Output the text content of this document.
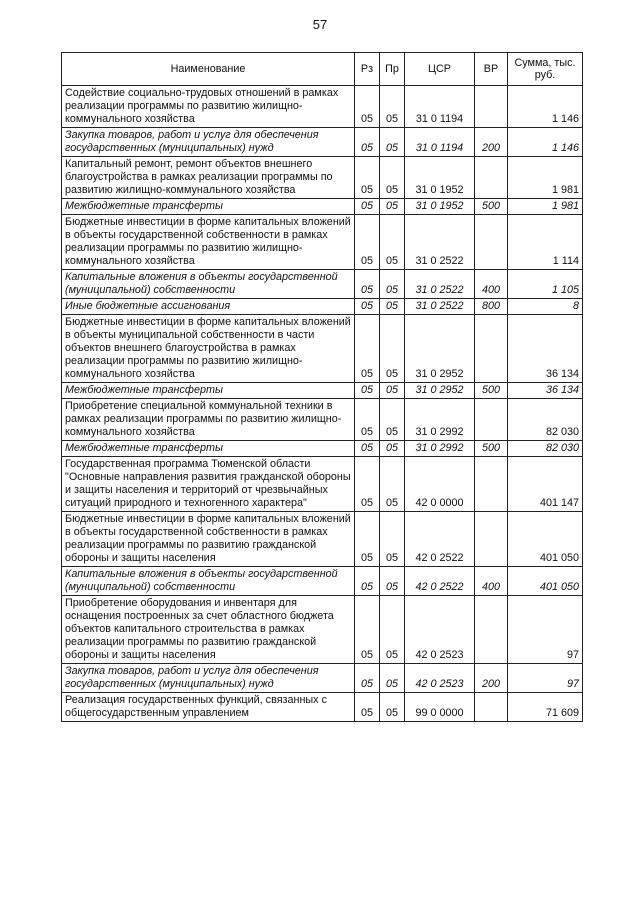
57
Наименование	Рз	Пр	ЦСР	ВР	Сумма, тыс. руб.
Содействие социально-трудовых отношений в рамках реализации программы по развитию жилищно-коммунального хозяйства	05	05	31 0 1194		1 146
Закупка товаров, работ и услуг для обеспечения государственных (муниципальных) нужд	05	05	31 0 1194	200	1 146
Капитальный ремонт, ремонт объектов внешнего благоустройства в рамках реализации программы по развитию жилищно-коммунального хозяйства	05	05	31 0 1952		1 981
Межбюджетные трансферты	05	05	31 0 1952	500	1 981
Бюджетные инвестиции в форме капитальных вложений в объекты государственной собственности в рамках реализации программы по развитию жилищно-коммунального хозяйства	05	05	31 0 2522		1 114
Капитальные вложения в объекты государственной (муниципальной) собственности	05	05	31 0 2522	400	1 105
Иные бюджетные ассигнования	05	05	31 0 2522	800	8
Бюджетные инвестиции в форме капитальных вложений в объекты муниципальной собственности в части объектов внешнего благоустройства в рамках реализации программы по развитию жилищно-коммунального хозяйства	05	05	31 0 2952		36 134
Межбюджетные трансферты	05	05	31 0 2952	500	36 134
Приобретение специальной коммунальной техники в рамках реализации программы по развитию жилищно-коммунального хозяйства	05	05	31 0 2992		82 030
Межбюджетные трансферты	05	05	31 0 2992	500	82 030
Государственная программа Тюменской области "Основные направления развития гражданской обороны и защиты населения и территорий от чрезвычайных ситуаций природного и техногенного характера"	05	05	42 0 0000		401 147
Бюджетные инвестиции в форме капитальных вложений в объекты государственной собственности в рамках реализации программы по развитию гражданской обороны и защиты населения	05	05	42 0 2522		401 050
Капитальные вложения в объекты государственной (муниципальной) собственности	05	05	42 0 2522	400	401 050
Приобретение оборудования и инвентаря для оснащения построенных за счет областного бюджета объектов капитального строительства в рамках реализации программы по развитию гражданской обороны и защиты населения	05	05	42 0 2523		97
Закупка товаров, работ и услуг для обеспечения государственных (муниципальных) нужд	05	05	42 0 2523	200	97
Реализация государственных функций, связанных с общегосударственным управлением	05	05	99 0 0000		71 609
